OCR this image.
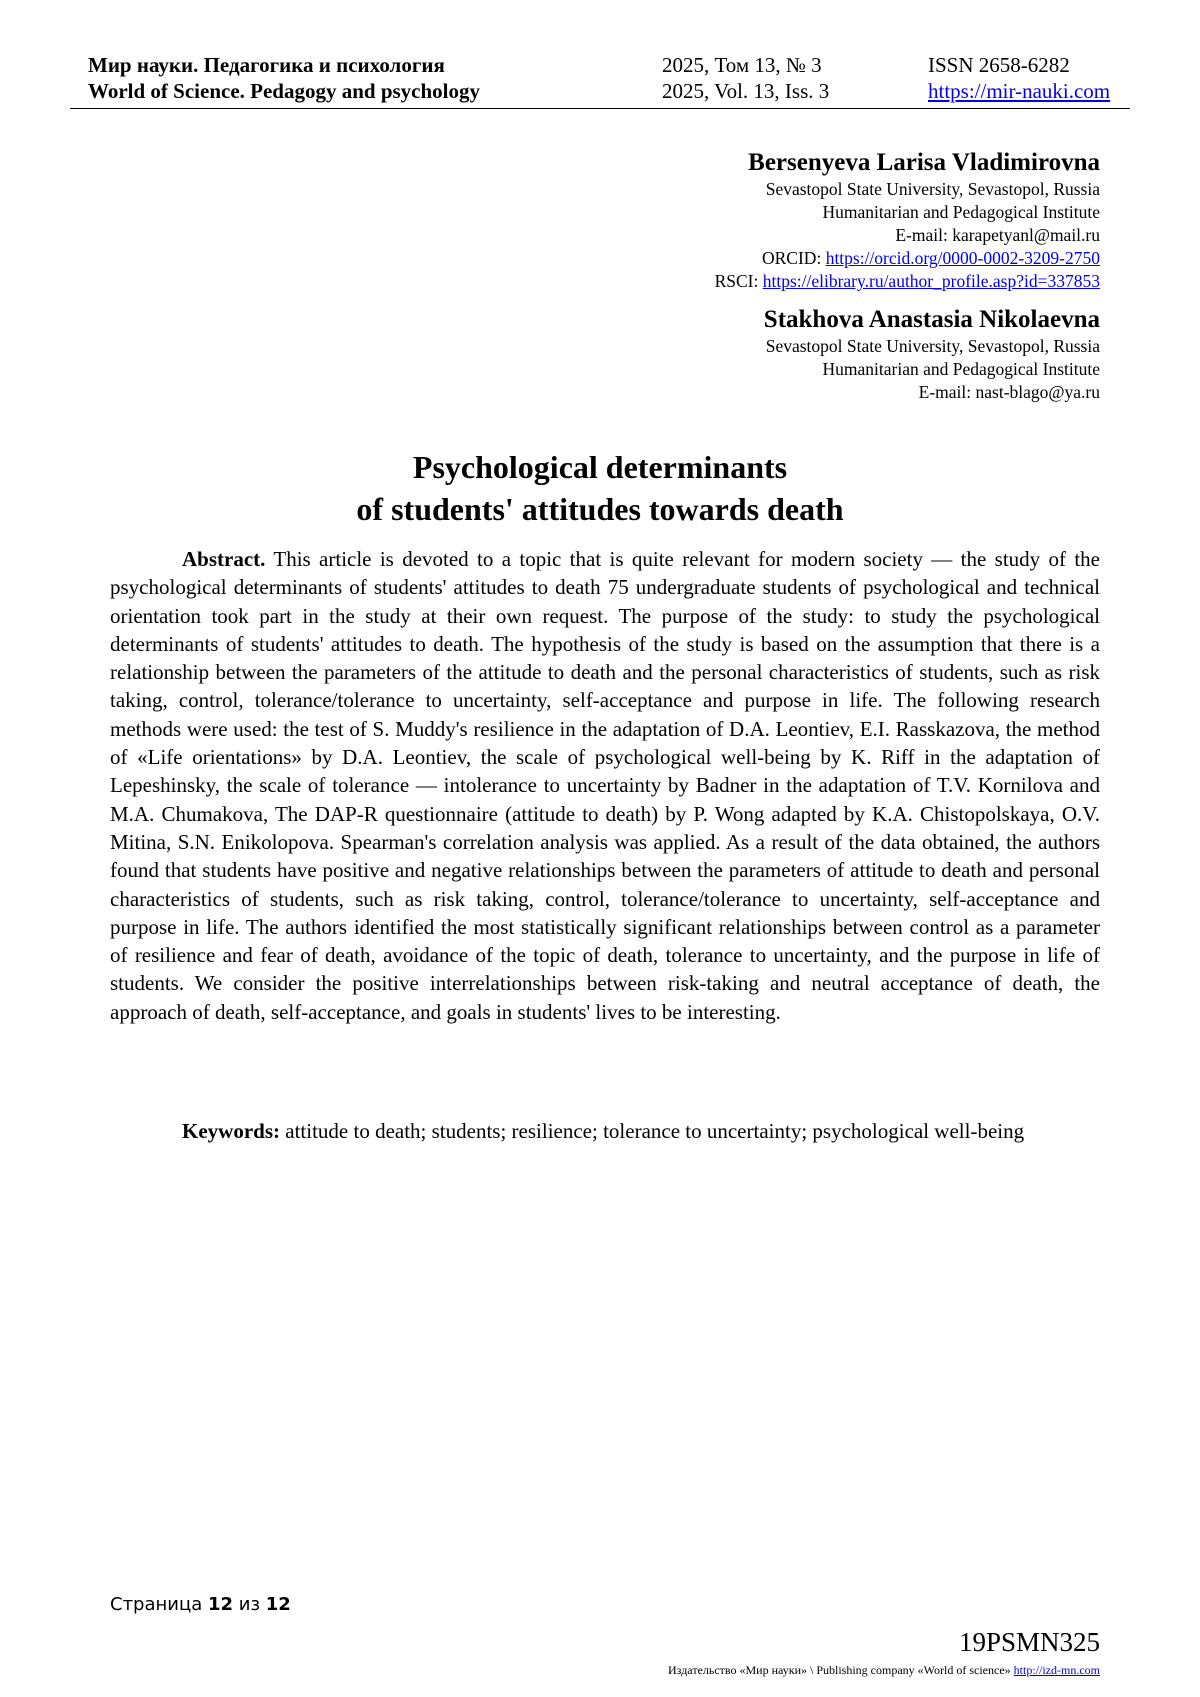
Мир науки. Педагогика и психология	2025, Том 13, № 3	ISSN 2658-6282
World of Science. Pedagogy and psychology	2025, Vol. 13, Iss. 3	https://mir-nauki.com
Bersenyeva Larisa Vladimirovna
Sevastopol State University, Sevastopol, Russia
Humanitarian and Pedagogical Institute
E-mail: karapetyanl@mail.ru
ORCID: https://orcid.org/0000-0002-3209-2750
RSCI: https://elibrary.ru/author_profile.asp?id=337853
Stakhova Anastasia Nikolaevna
Sevastopol State University, Sevastopol, Russia
Humanitarian and Pedagogical Institute
E-mail: nast-blago@ya.ru
Psychological determinants
of students' attitudes towards death

Abstract. This article is devoted to a topic that is quite relevant for modern society — the study of the psychological determinants of students' attitudes to death 75 undergraduate students of psychological and technical orientation took part in the study at their own request. The purpose of the study: to study the psychological determinants of students' attitudes to death. The hypothesis of the study is based on the assumption that there is a relationship between the parameters of the attitude to death and the personal characteristics of students, such as risk taking, control, tolerance/tolerance to uncertainty, self-acceptance and purpose in life. The following research methods were used: the test of S. Muddy's resilience in the adaptation of D.A. Leontiev, E.I. Rasskazova, the method of «Life orientations» by D.A. Leontiev, the scale of psychological well-being by K. Riff in the adaptation of Lepeshinsky, the scale of tolerance — intolerance to uncertainty by Badner in the adaptation of T.V. Kornilova and M.A. Chumakova, The DAP-R questionnaire (attitude to death) by P. Wong adapted by K.A. Chistopolskaya, O.V. Mitina, S.N. Enikolopova. Spearman's correlation analysis was applied. As a result of the data obtained, the authors found that students have positive and negative relationships between the parameters of attitude to death and personal characteristics of students, such as risk taking, control, tolerance/tolerance to uncertainty, self-acceptance and purpose in life. The authors identified the most statistically significant relationships between control as a parameter of resilience and fear of death, avoidance of the topic of death, tolerance to uncertainty, and the purpose in life of students. We consider the positive interrelationships between risk-taking and neutral acceptance of death, the approach of death, self-acceptance, and goals in students' lives to be interesting.

Keywords: attitude to death; students; resilience; tolerance to uncertainty; psychological well-being

Страница 12 из 12
19PSMN325
Издательство «Мир науки» \ Publishing company «World of science» http://izd-mn.com
